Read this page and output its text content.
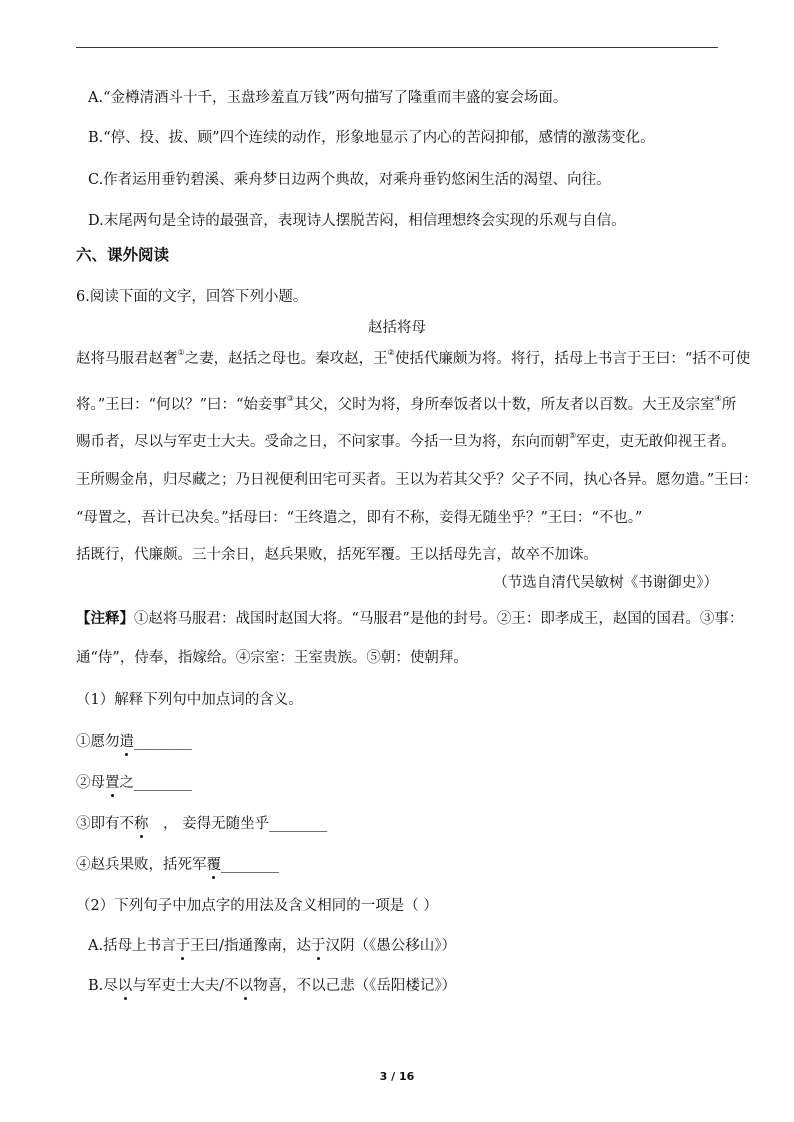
A.“金樽清酒斗十千，玉盘珍羞直万钱”两句描写了隆重而丰盛的宴会场面。
B.“停、投、拔、顾”四个连续的动作，形象地显示了内心的苦闷抑郁，感情的激荡变化。
C.作者运用垂钓碧溪、乘舟梦日边两个典故，对乘舟垂钓悠闲生活的渴望、向往。
D.末尾两句是全诗的最强音，表现诗人摆脱苦闷，相信理想终会实现的乐观与自信。
六、课外阅读
6.阅读下面的文字，回答下列小题。
赵括将母
赵将马服君赵奢①之妻，赵括之母也。秦攻赵，王②使括代廉颇为将。将行，括母上书言于王曰：“括不可使
将。”王曰：“何以？”曰：“始妾事③其父，父时为将，身所奉饭者以十数，所友者以百数。大王及宗室④所
赐币者，尽以与军吏士大夫。受命之日，不问家事。今括一旦为将，东向而朝⑤军吏，吏无敢仰视王者。
王所赐金帛，归尽藏之；乃日视便利田宅可买者。王以为若其父乎？父子不同，执心各异。愿勿遣。”王曰：
“母置之，吾计已决矣。”括母曰：“王终遣之，即有不称，妾得无随坐乎？”王曰：“不也。”
括既行，代廉颇。三十余日，赵兵果败，括死军覆。王以括母先言，故卒不加诛。
（节选自清代吴敏树《书谢御史》）
【注释】①赵将马服君：战国时赵国大将。“马服君”是他的封号。②王：即孝成王，赵国的国君。③事：
通“侍”，侍奉，指嫁给。④宗室：王室贵族。⑤朝：使朝拜。
（1）解释下列句中加点词的含义。
①愿勿遣________
②母置之________
③即有不称　， 妾得无随坐乎________
④赵兵果败，括死军覆________
（2）下列句子中加点字的用法及含义相同的一项是（ ）
A.括母上书言于王曰/指通豫南，达于汉阴（《愚公移山》）
B.尽以与军吏士大夫/不以物喜，不以己悲（《岳阳楼记》）
3 / 16
